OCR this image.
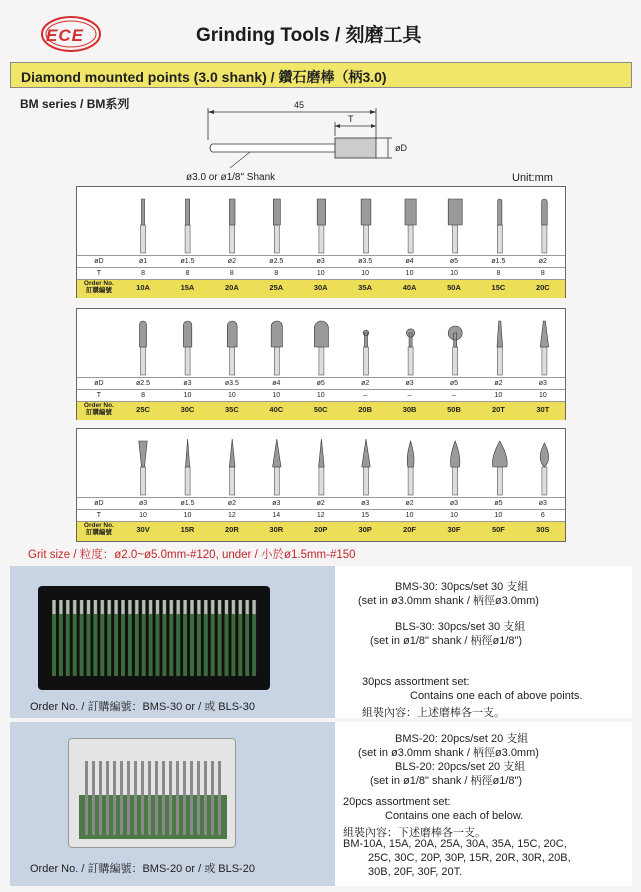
ECE	Grinding Tools / 刻磨工具
Diamond mounted points (3.0 shank) / 鑽石磨棒（柄3.0)
BM series / BM系列	45
T
øD
ø3.0 or ø1/8" Shank	Unit:mm
øD	ø1	ø1.5	ø2	ø2.5	ø3	ø3.5	ø4	ø5	ø1.5	ø2
T	8	8	8	8	10	10	10	10	8	8
Order No.
訂購編號	10A	15A	20A	25A	30A	35A	40A	50A	15C	20C
øD	ø2.5	ø3	ø3.5	ø4	ø5	ø2	ø3	ø5	ø2	ø3
T	8	10	10	10	10	–	–	–	10	10
Order No.
訂購編號	25C	30C	35C	40C	50C	20B	30B	50B	20T	30T
øD	ø3	ø1.5	ø2	ø3	ø2	ø3	ø2	ø3	ø5	ø3
T	10	10	12	14	12	15	10	10	10	6
Order No.
訂購編號	30V	15R	20R	30R	20P	30P	20F	30F	50F	30S
Grit size / 粒度：ø2.0~ø5.0mm-#120, under / 小於ø1.5mm-#150
Order No. / 訂購編號：BMS-30 or / 或 BLS-30
BMS-30: 30pcs/set 30 支組
(set in ø3.0mm shank / 柄徑ø3.0mm)
BLS-30: 30pcs/set 30 支組
(set in ø1/8" shank / 柄徑ø1/8")
30pcs assortment set:
Contains one each of above points.
組裝內容：上述磨棒各一支。
Order No. / 訂購編號：BMS-20 or / 或 BLS-20
BMS-20: 20pcs/set 20 支組
(set in ø3.0mm shank / 柄徑ø3.0mm)
BLS-20: 20pcs/set 20 支組
(set in ø1/8" shank / 柄徑ø1/8")
20pcs assortment set:
Contains one each of below.
組裝內容：下述磨棒各一支。
BM-10A, 15A, 20A, 25A, 30A, 35A, 15C, 20C,
25C, 30C, 20P, 30P, 15R, 20R, 30R, 20B,
30B, 20F, 30F, 20T.
